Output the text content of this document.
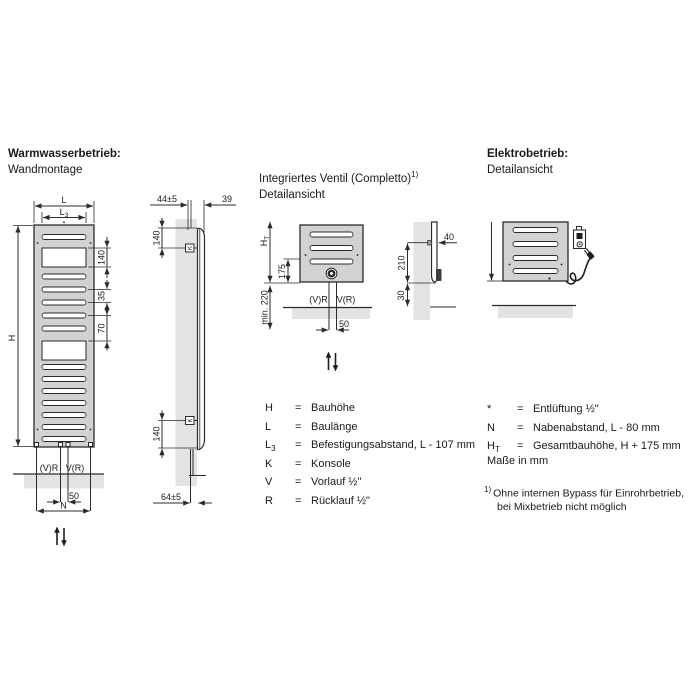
Warmwasserbetrieb:
Wandmontage
Integriertes Ventil (Completto)$^{1)}$
Detailansicht
Elektrobetrieb:
Detailansicht
L
$L_3$
H
140
35
70
(V)R V(R)
50
N
44±5	39
K
K
140
140
64±5
$H_T$
175
min. 220	(V)R V(R)
50
40
210
30
H	= Bauhöhe
L	= Baulänge
$L_3$	= Befestigungsabstand, L - 107 mm
K	= Konsole
V	= Vorlauf ½"
R	= Rücklauf ½"
*	= Entlüftung ½"
N	= Nabenabstand, L - 80 mm
$H_T$	= Gesamtbauhöhe, H + 175 mm
Maße in mm
$^{1)}$ Ohne internen Bypass für Einrohrbetrieb,
bei Mixbetrieb nicht möglich
